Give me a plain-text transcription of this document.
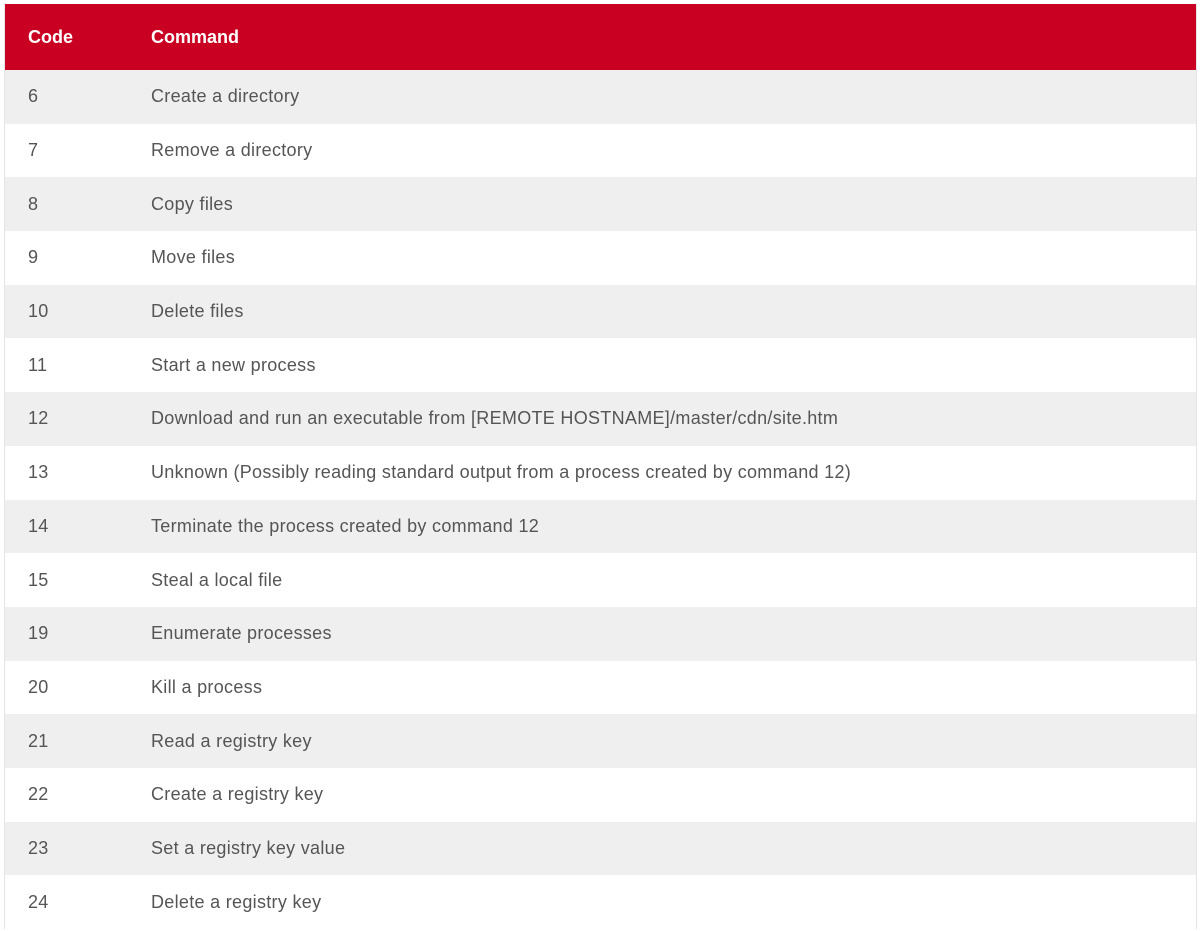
Code	Command
6	Create a directory
7	Remove a directory
8	Copy files
9	Move files
10	Delete files
11	Start a new process
12	Download and run an executable from [REMOTE HOSTNAME]/master/cdn/site.htm
13	Unknown (Possibly reading standard output from a process created by command 12)
14	Terminate the process created by command 12
15	Steal a local file
19	Enumerate processes
20	Kill a process
21	Read a registry key
22	Create a registry key
23	Set a registry key value
24	Delete a registry key
